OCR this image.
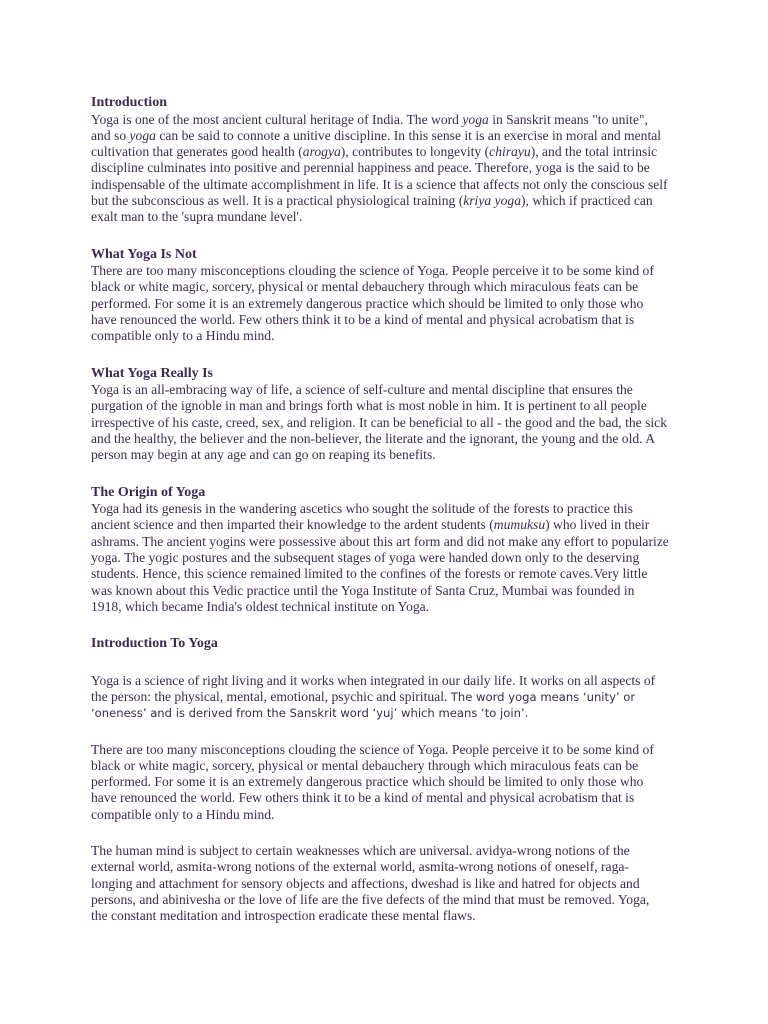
Introduction
Yoga is one of the most ancient cultural heritage of India. The word yoga in Sanskrit means "to unite",
and so yoga can be said to connote a unitive discipline. In this sense it is an exercise in moral and mental
cultivation that generates good health (arogya), contributes to longevity (chirayu), and the total intrinsic
discipline culminates into positive and perennial happiness and peace. Therefore, yoga is the said to be
indispensable of the ultimate accomplishment in life. It is a science that affects not only the conscious self
but the subconscious as well. It is a practical physiological training (kriya yoga), which if practiced can
exalt man to the 'supra mundane level'.
What Yoga Is Not
There are too many misconceptions clouding the science of Yoga. People perceive it to be some kind of
black or white magic, sorcery, physical or mental debauchery through which miraculous feats can be
performed. For some it is an extremely dangerous practice which should be limited to only those who
have renounced the world. Few others think it to be a kind of mental and physical acrobatism that is
compatible only to a Hindu mind.
What Yoga Really Is
Yoga is an all-embracing way of life, a science of self-culture and mental discipline that ensures the
purgation of the ignoble in man and brings forth what is most noble in him. It is pertinent to all people
irrespective of his caste, creed, sex, and religion. It can be beneficial to all - the good and the bad, the sick
and the healthy, the believer and the non-believer, the literate and the ignorant, the young and the old. A
person may begin at any age and can go on reaping its benefits.
The Origin of Yoga
Yoga had its genesis in the wandering ascetics who sought the solitude of the forests to practice this
ancient science and then imparted their knowledge to the ardent students (mumuksu) who lived in their
ashrams. The ancient yogins were possessive about this art form and did not make any effort to popularize
yoga. The yogic postures and the subsequent stages of yoga were handed down only to the deserving
students. Hence, this science remained limited to the confines of the forests or remote caves.Very little
was known about this Vedic practice until the Yoga Institute of Santa Cruz, Mumbai was founded in
1918, which became India's oldest technical institute on Yoga.
Introduction To Yoga
Yoga is a science of right living and it works when integrated in our daily life. It works on all aspects of
the person: the physical, mental, emotional, psychic and spiritual. The word yoga means ‘unity’ or
‘oneness’ and is derived from the Sanskrit word ‘yuj’ which means ‘to join’.
There are too many misconceptions clouding the science of Yoga. People perceive it to be some kind of
black or white magic, sorcery, physical or mental debauchery through which miraculous feats can be
performed. For some it is an extremely dangerous practice which should be limited to only those who
have renounced the world. Few others think it to be a kind of mental and physical acrobatism that is
compatible only to a Hindu mind.
The human mind is subject to certain weaknesses which are universal. avidya-wrong notions of the
external world, asmita-wrong notions of the external world, asmita-wrong notions of oneself, raga-
longing and attachment for sensory objects and affections, dweshad is like and hatred for objects and
persons, and abinivesha or the love of life are the five defects of the mind that must be removed. Yoga,
the constant meditation and introspection eradicate these mental flaws.
